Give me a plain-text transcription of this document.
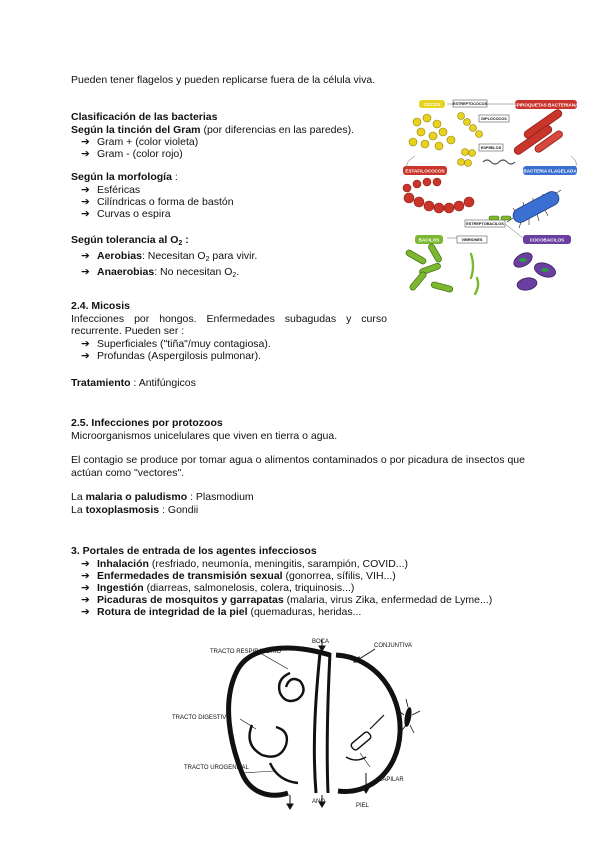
Pueden tener flagelos y pueden replicarse fuera de la célula viva.

Clasificación de las bacterias

Según la tinción del Gram (por diferencias en las paredes).

➔ Gram + (color violeta)
➔ Gram - (color rojo)

Según la morfología :

➔ Esféricas
➔ Cilíndricas o forma de bastón
➔ Curvas o espira

Según tolerancia al $O_2$ :

➔ Aerobias: Necesitan $O_2$ para vivir.
➔ Anaerobias: No necesitan $O_2$.
COCOS	ESPIROQUETAS BACTERIANAS
ESTAFILOCOCOS	BACTERIA FLAGELADA
BACILOS	COCOBACILOS
ESTREPTOCOCOS
DIPLOCOCOS
ESPIRILOS
ESTREPTOBACILOS
VIBRIONES

2.4. Micosis

Infecciones por hongos. Enfermedades subagudas y curso recurrente. Pueden ser :

➔ Superficiales ("tiña"/muy contagiosa).
➔ Profundas (Aspergilosis pulmonar).

Tratamiento : Antifúngicos

2.5. Infecciones por protozoos

Microorganismos unicelulares que viven en tierra o agua.

El contagio se produce por tomar agua o alimentos contaminados o por picadura de insectos que actúan como "vectores".

La malaria o paludismo : Plasmodium

La toxoplasmosis : Gondii

3. Portales de entrada de los agentes infecciosos

➔ Inhalación (resfriado, neumonía, meningitis, sarampión, COVID...)
➔ Enfermedades de transmisión sexual (gonorrea, sífilis, VIH...)
➔ Ingestión (diarreas, salmonelosis, colera, triquinosis...)
➔ Picaduras de mosquitos y garrapatas (malaria, virus Zika, enfermedad de Lyme...)
➔ Rotura de integridad de la piel (quemaduras, heridas...
TRACTO RESPIRATORIO
BOCA
CONJUNTIVA
TRACTO DIGESTIVO
TRACTO UROGENITAL
CAPILAR
ANO
PIEL
